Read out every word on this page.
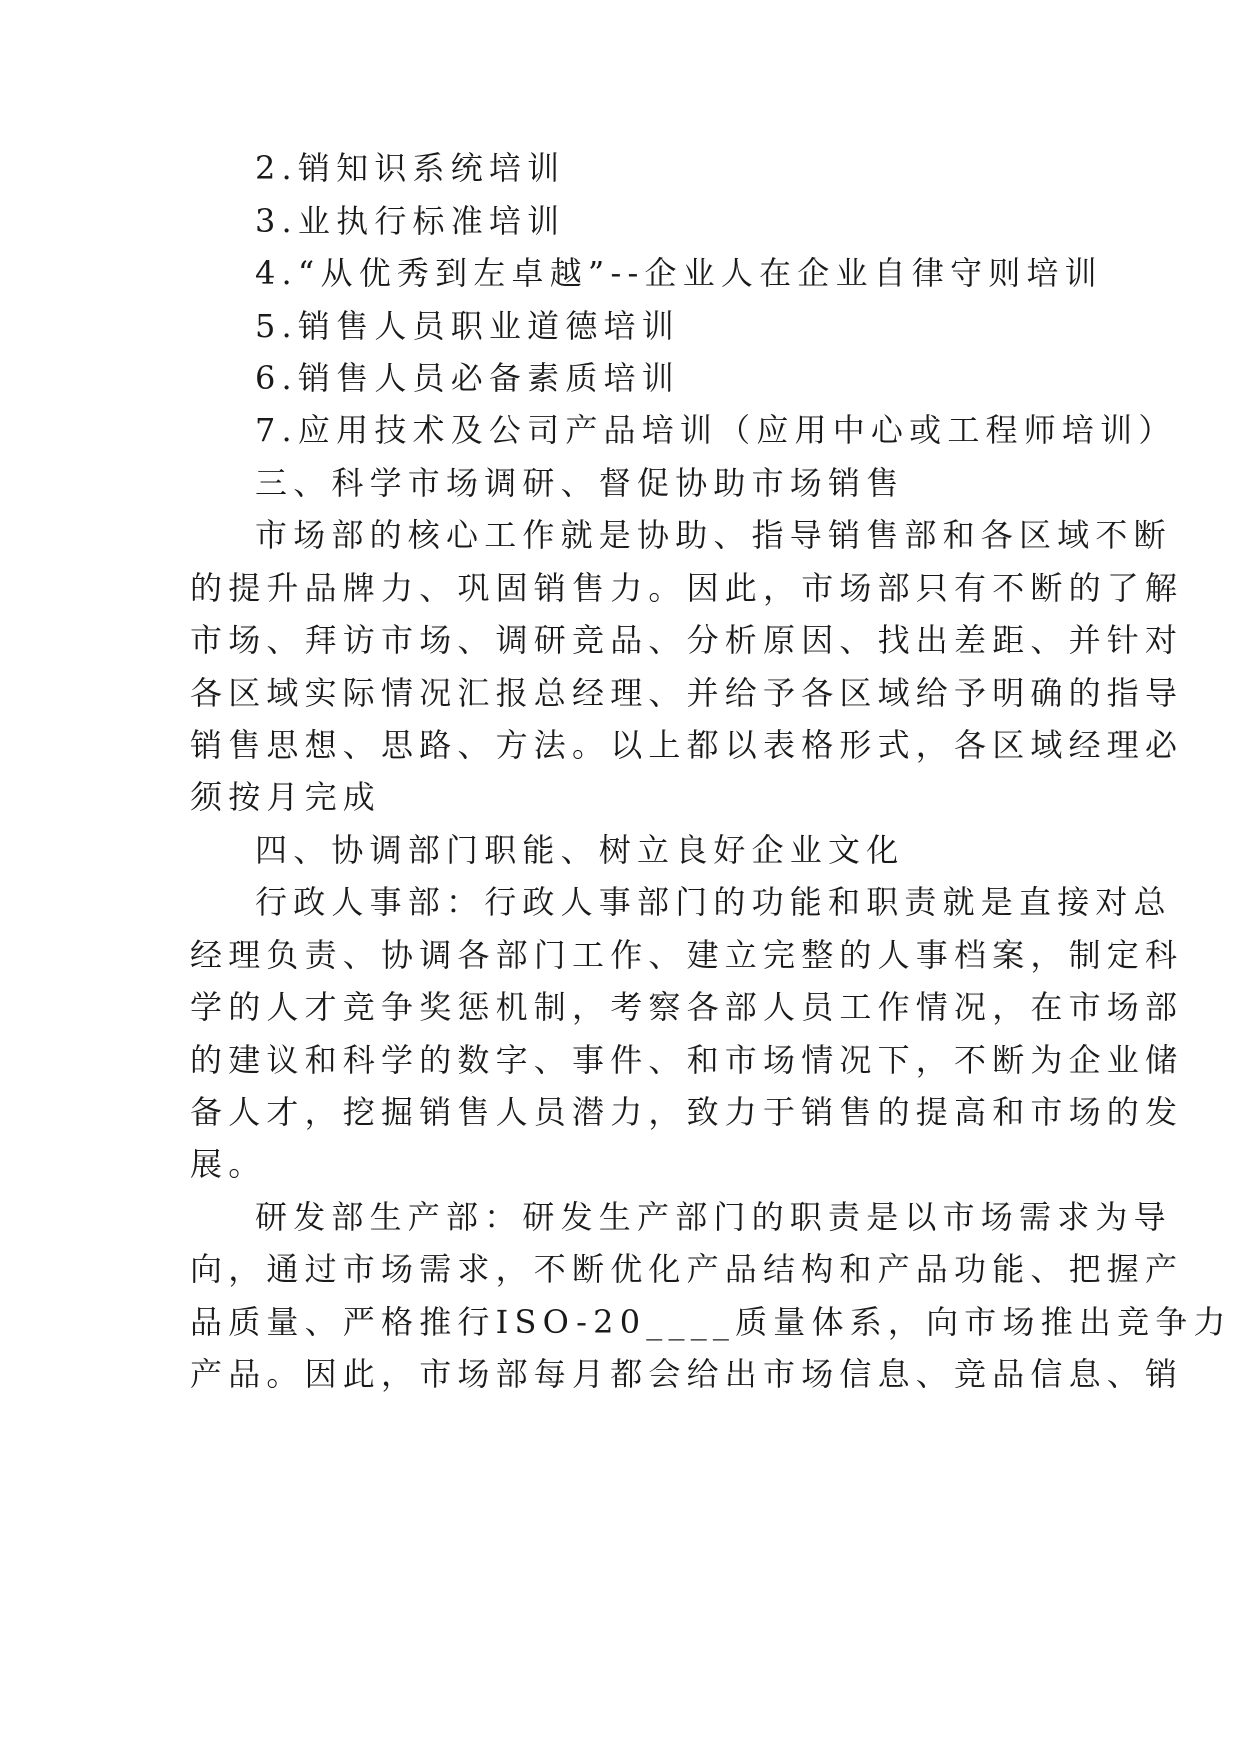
2.销知识系统培训
3.业执行标准培训
4.“从优秀到左卓越”--企业人在企业自律守则培训
5.销售人员职业道德培训
6.销售人员必备素质培训
7.应用技术及公司产品培训（应用中心或工程师培训）
三、科学市场调研、督促协助市场销售
市场部的核心工作就是协助、指导销售部和各区域不断
的提升品牌力、巩固销售力。因此，市场部只有不断的了解
市场、拜访市场、调研竞品、分析原因、找出差距、并针对
各区域实际情况汇报总经理、并给予各区域给予明确的指导
销售思想、思路、方法。以上都以表格形式，各区域经理必
须按月完成
四、协调部门职能、树立良好企业文化
行政人事部：行政人事部门的功能和职责就是直接对总
经理负责、协调各部门工作、建立完整的人事档案，制定科
学的人才竞争奖惩机制，考察各部人员工作情况，在市场部
的建议和科学的数字、事件、和市场情况下，不断为企业储
备人才，挖掘销售人员潜力，致力于销售的提高和市场的发
展。
研发部生产部：研发生产部门的职责是以市场需求为导
向，通过市场需求，不断优化产品结构和产品功能、把握产
品质量、严格推行ISO-20____质量体系，向市场推出竞争力
产品。因此，市场部每月都会给出市场信息、竞品信息、销
